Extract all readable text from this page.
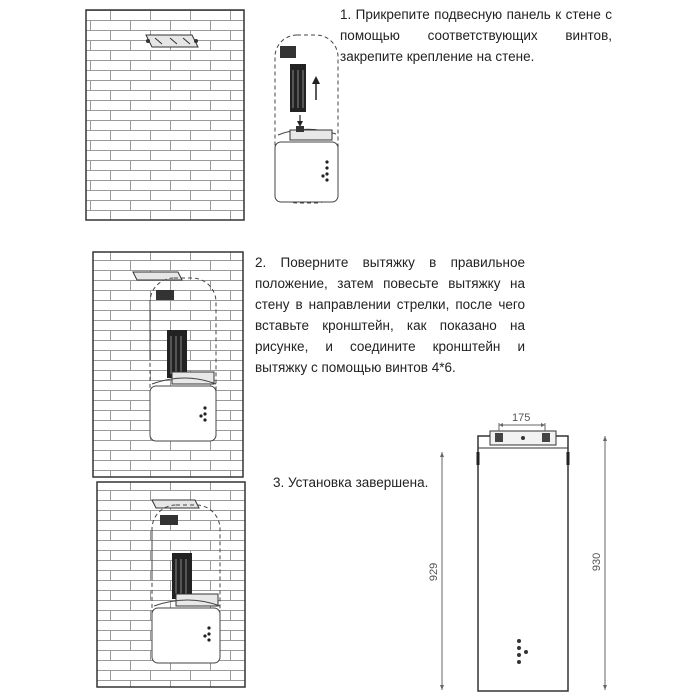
1. Прикрепите подвесную панель к стене с помощью соответствующих винтов, закрепите крепление на стене.
2. Поверните вытяжку в правильное положение, затем повесьте вытяжку на стену в направлении стрелки, после чего вставьте кронштейн, как показано на рисунке, и соедините кронштейн и вытяжку с помощью винтов 4*6.
3. Установка завершена.
175
929
930
